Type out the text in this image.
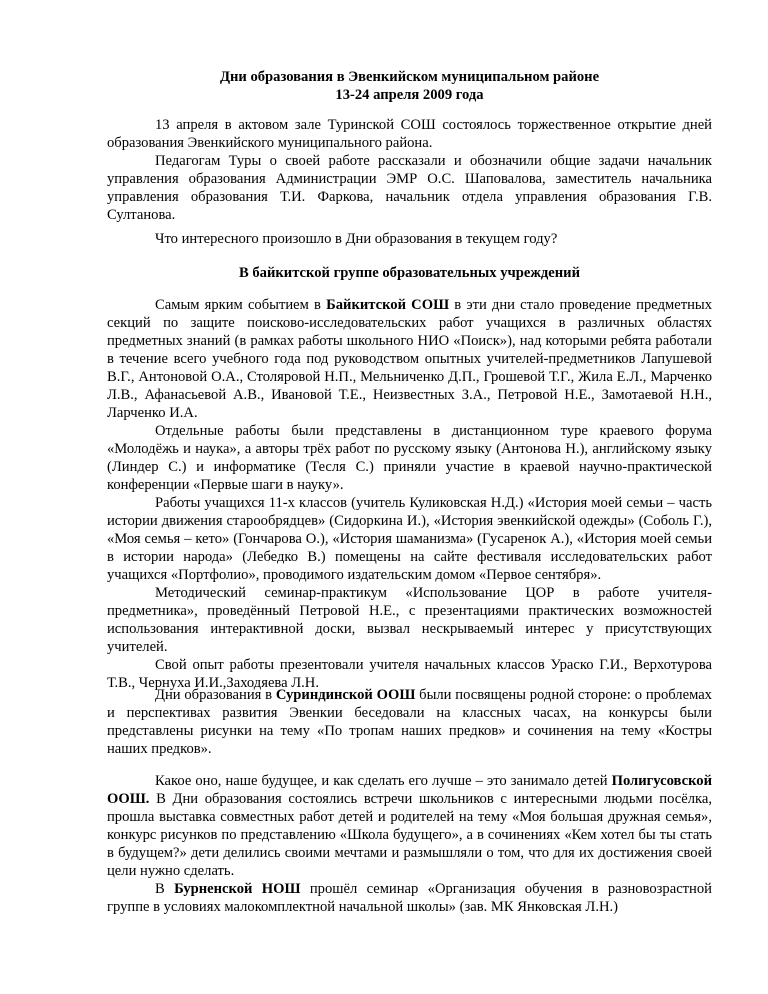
Дни образования в Эвенкийском муниципальном районе

13-24 апреля 2009 года

13 апреля в актовом зале Туринской СОШ состоялось торжественное открытие дней образования Эвенкийского муниципального района.

Педагогам Туры о своей работе рассказали и обозначили общие задачи начальник управления образования Администрации ЭМР О.С. Шаповалова, заместитель начальника управления образования Т.И. Фаркова, начальник отдела управления образования Г.В. Султанова.

Что интересного произошло в Дни образования в текущем году?

В байкитской группе образовательных учреждений

Самым ярким событием в Байкитской СОШ в эти дни стало проведение предметных секций по защите поисково-исследовательских работ учащихся в различных областях предметных знаний (в рамках работы школьного НИО «Поиск»), над которыми ребята работали в течение всего учебного года под руководством опытных учителей-предметников Лапушевой В.Г., Антоновой О.А., Столяровой Н.П., Мельниченко Д.П., Грошевой Т.Г., Жила Е.Л., Марченко Л.В., Афанасьевой А.В., Ивановой Т.Е., Неизвестных З.А., Петровой Н.Е., Замотаевой Н.Н., Ларченко И.А.

Отдельные работы были представлены в дистанционном туре краевого форума «Молодёжь и наука», а авторы трёх работ по русскому языку (Антонова Н.), английскому языку (Линдер С.) и информатике (Тесля С.) приняли участие в краевой научно-практической конференции «Первые шаги в науку».

Работы учащихся 11-х классов (учитель Куликовская Н.Д.) «История моей семьи – часть истории движения старообрядцев» (Сидоркина И.), «История эвенкийской одежды» (Соболь Г.), «Моя семья – кето» (Гончарова О.), «История шаманизма» (Гусаренок А.), «История моей семьи в истории народа» (Лебедко В.) помещены на сайте фестиваля исследовательских работ учащихся «Портфолио», проводимого издательским домом «Первое сентября».

Методический семинар-практикум «Использование ЦОР в работе учителя-предметника», проведённый Петровой Н.Е., с презентациями практических возможностей использования интерактивной доски, вызвал нескрываемый интерес у присутствующих учителей.

Свой опыт работы презентовали учителя начальных классов Ураско Г.И., Верхотурова Т.В., Чернуха И.И.,Заходяева Л.Н.

Дни образования в Суриндинской ООШ были посвящены родной стороне: о проблемах и перспективах развития Эвенкии беседовали на классных часах, на конкурсы были представлены рисунки на тему «По тропам наших предков» и сочинения на тему «Костры наших предков».

Какое оно, наше будущее, и как сделать его лучше – это занимало детей Полигусовской ООШ. В Дни образования состоялись встречи школьников с интересными людьми посёлка, прошла выставка совместных работ детей и родителей на тему «Моя большая дружная семья», конкурс рисунков по представлению «Школа будущего», а в сочинениях «Кем хотел бы ты стать в будущем?» дети делились своими мечтами и размышляли о том, что для их достижения своей цели нужно сделать.

В Бурненской НОШ прошёл семинар «Организация обучения в разновозрастной группе в условиях малокомплектной начальной школы» (зав. МК Янковская Л.Н.)
